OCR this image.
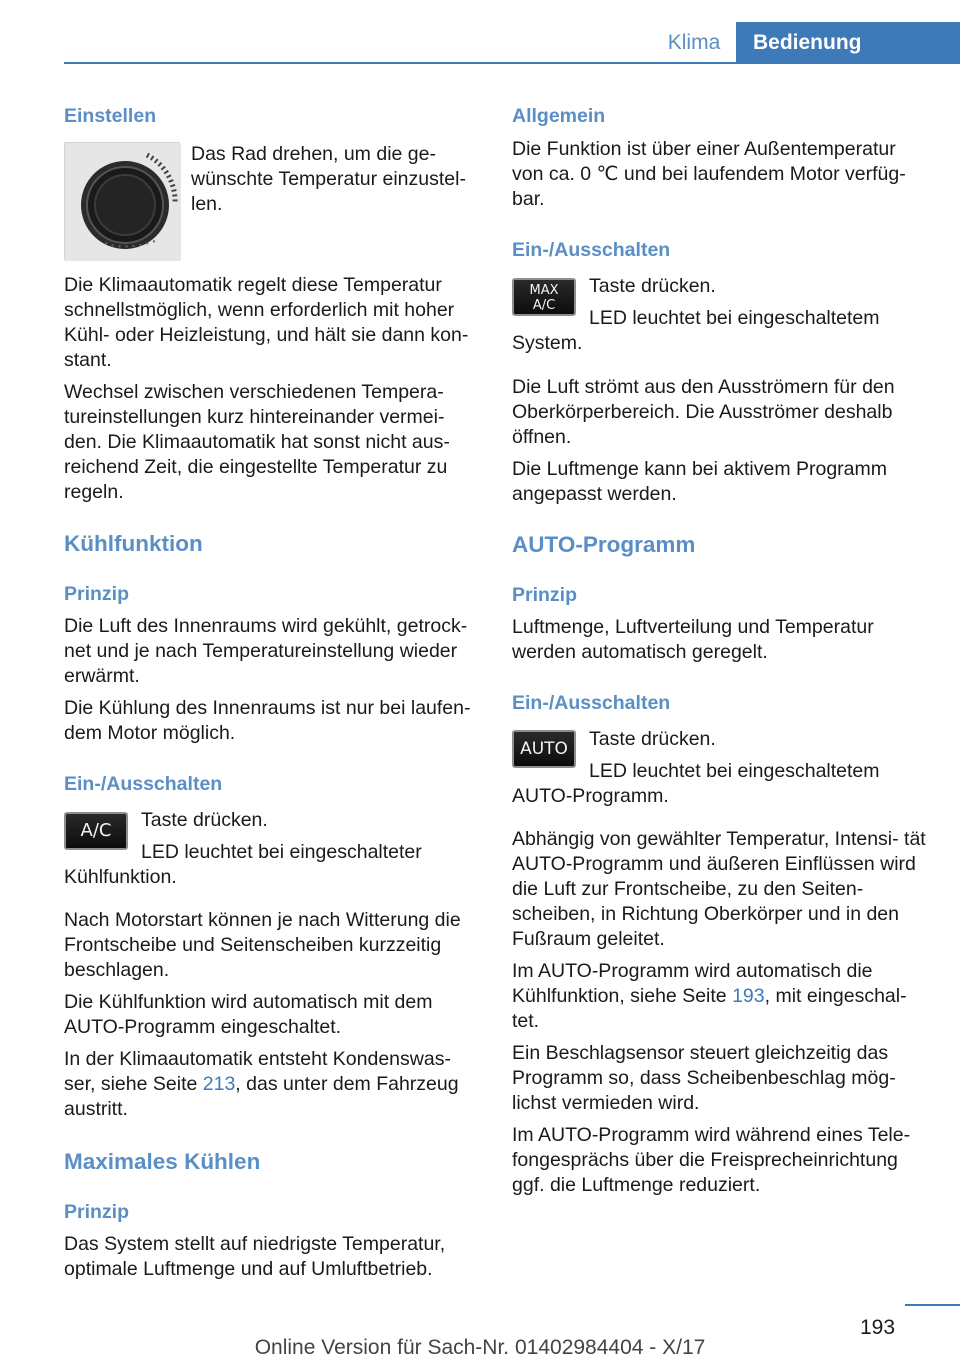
Klima	Bedienung
Einstellen

Das Rad drehen, um die ge‐ wünschte Temperatur einzustel‐ len.

Die Klimaautomatik regelt diese Temperatur schnellstmöglich, wenn erforderlich mit hoher Kühl- oder Heizleistung, und hält sie dann kon‐ stant.

Wechsel zwischen verschiedenen Tempera‐ tureinstellungen kurz hintereinander vermei‐ den. Die Klimaautomatik hat sonst nicht aus‐ reichend Zeit, die eingestellte Temperatur zu regeln.

Kühlfunktion
Prinzip

Die Luft des Innenraums wird gekühlt, getrock‐ net und je nach Temperatureinstellung wieder erwärmt.

Die Kühlung des Innenraums ist nur bei laufen‐ dem Motor möglich.

Ein-/Ausschalten
A/C	Taste drücken.

LED leuchtet bei eingeschalteter Kühlfunktion.

Nach Motorstart können je nach Witterung die Frontscheibe und Seitenscheiben kurzzeitig beschlagen.

Die Kühlfunktion wird automatisch mit dem AUTO-Programm eingeschaltet.

In der Klimaautomatik entsteht Kondenswas‐ ser, siehe Seite 213, das unter dem Fahrzeug austritt.

Maximales Kühlen
Prinzip

Das System stellt auf niedrigste Temperatur, optimale Luftmenge und auf Umluftbetrieb.

Allgemein

Die Funktion ist über einer Außentemperatur von ca. 0 ℃ und bei laufendem Motor verfüg‐ bar.

Ein-/Ausschalten
MAX
A/C

Taste drücken.

LED leuchtet bei eingeschaltetem System.

Die Luft strömt aus den Ausströmern für den Oberkörperbereich. Die Ausströmer deshalb öffnen.

Die Luftmenge kann bei aktivem Programm angepasst werden.

AUTO-Programm
Prinzip

Luftmenge, Luftverteilung und Temperatur werden automatisch geregelt.

Ein-/Ausschalten
AUTO	Taste drücken.

LED leuchtet bei eingeschaltetem AUTO-Programm.

Abhängig von gewählter Temperatur, Intensi‐ tät AUTO-Programm und äußeren Einflüssen wird die Luft zur Frontscheibe, zu den Seiten‐ scheiben, in Richtung Oberkörper und in den Fußraum geleitet.

Im AUTO-Programm wird automatisch die Kühlfunktion, siehe Seite 193, mit eingeschal‐ tet.

Ein Beschlagsensor steuert gleichzeitig das Programm so, dass Scheibenbeschlag mög‐ lichst vermieden wird.

Im AUTO-Programm wird während eines Tele‐ fongesprächs über die Freisprecheinrichtung ggf. die Luftmenge reduziert.

193
Online Version für Sach-Nr. 01402984404 - X/17
